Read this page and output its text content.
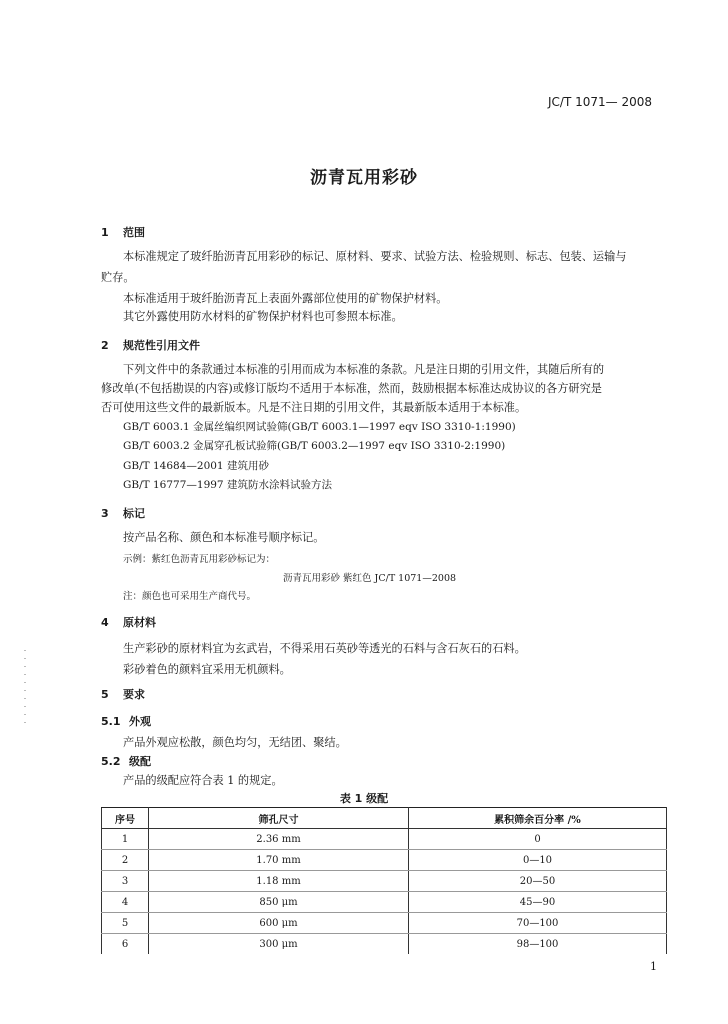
JC/T 1071— 2008
沥青瓦用彩砂
1 范围
本标准规定了玻纤胎沥青瓦用彩砂的标记、原材料、要求、试验方法、检验规则、标志、包装、运输与
贮存。
本标准适用于玻纤胎沥青瓦上表面外露部位使用的矿物保护材料。
其它外露使用防水材料的矿物保护材料也可参照本标准。
2 规范性引用文件
下列文件中的条款通过本标准的引用而成为本标准的条款。凡是注日期的引用文件，其随后所有的
修改单(不包括勘误的内容)或修订版均不适用于本标准，然而，鼓励根据本标准达成协议的各方研究是
否可使用这些文件的最新版本。凡是不注日期的引用文件，其最新版本适用于本标准。
GB/T 6003.1 金属丝编织网试验筛(GB/T 6003.1—1997 eqv ISO 3310-1:1990)
GB/T 6003.2 金属穿孔板试验筛(GB/T 6003.2—1997 eqv ISO 3310-2:1990)
GB/T 14684—2001 建筑用砂
GB/T 16777—1997 建筑防水涂料试验方法
3 标记
按产品名称、颜色和本标准号顺序标记。
示例：紫红色沥青瓦用彩砂标记为：
沥青瓦用彩砂 紫红色 JC/T 1071—2008
注：颜色也可采用生产商代号。
4 原材料
生产彩砂的原材料宜为玄武岩，不得采用石英砂等透光的石料与含石灰石的石料。
彩砂着色的颜料宜采用无机颜料。
5 要求
5.1 外观
产品外观应松散，颜色均匀，无结团、聚结。
5.2 级配
产品的级配应符合表 1 的规定。
表 1 级配
序号	筛孔尺寸	累积筛余百分率 /%
1	2.36 mm	0
2	1.70 mm	0—10
3	1.18 mm	20—50
4	850 μm	45—90
5	600 μm	70—100
6	300 μm	98—100
1
